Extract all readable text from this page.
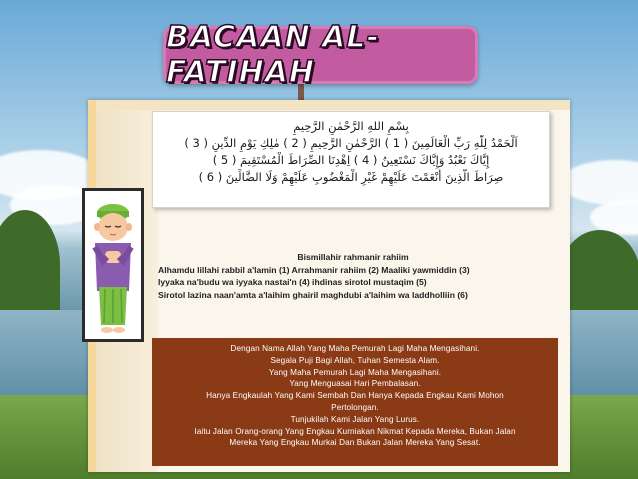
BACAAN AL-FATIHAH
بِسْمِ اللهِ الرَّحْمٰنِ الرَّحِيمِ
اَلْحَمْدُ لِلّٰهِ رَبِّ الْعَالَمِينَ ( 1 ) الرَّحْمٰنِ الرَّحِيمِ ( 2 ) مٰلِكِ يَوْمِ الدِّينِ ( 3 )
إِيَّاكَ نَعْبُدُ وَإِيَّاكَ نَسْتَعِينُ ( 4 ) اِهْدِنَا الصِّرَاطَ الْمُسْتَقِيمَ ( 5 )
صِرَاطَ الَّذِينَ أَنْعَمْتَ عَلَيْهِمْ غَيْرِ الْمَغْضُوبِ عَلَيْهِمْ وَلَا الضَّالِّينَ ( 6 )
Bismillahir rahmanir rahiim
Alhamdu lillahi rabbil a'lamin (1) Arrahmanir rahiim (2) Maaliki yawmiddin (3)
Iyyaka na'budu wa iyyaka nastai'n (4) ihdinas sirotol mustaqim (5)
Sirotol lazina naan'amta a'laihim ghairil maghdubi a'laihim wa laddholliin (6)
Dengan Nama Allah Yang Maha Pemurah Lagi Maha Mengasihani.
Segala Puji Bagi Allah, Tuhan Semesta Alam.
Yang Maha Pemurah Lagi Maha Mengasihani.
Yang Menguasai Hari Pembalasan.
Hanya Engkaulah Yang Kami Sembah Dan Hanya Kepada Engkau Kami Mohon
Pertolongan.
Tunjukilah Kami Jalan Yang Lurus.
Iaitu Jalan Orang-orang Yang Engkau Kurniakan Nikmat Kepada Mereka, Bukan Jalan
Mereka Yang Engkau Murkai Dan Bukan Jalan Mereka Yang Sesat.
